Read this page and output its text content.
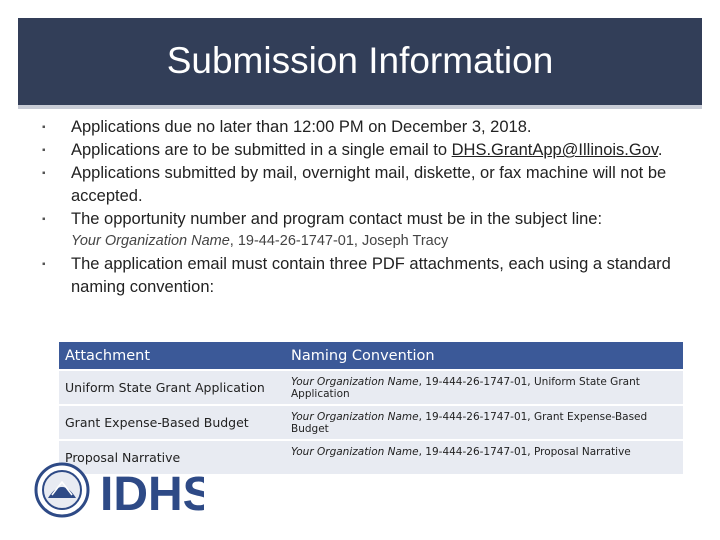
Submission Information
▪ Applications due no later than 12:00 PM on December 3, 2018.
▪ Applications are to be submitted in a single email to DHS.GrantApp@Illinois.Gov.
▪ Applications submitted by mail, overnight mail, diskette, or fax machine will not be accepted.
▪ The opportunity number and program contact must be in the subject line:
Your Organization Name, 19-44-26-1747-01, Joseph Tracy
▪ The application email must contain three PDF attachments, each using a standard naming convention:
Attachment	Naming Convention
Uniform State Grant Application	Your Organization Name, 19-444-26-1747-01, Uniform State Grant Application
Grant Expense-Based Budget	Your Organization Name, 19-444-26-1747-01, Grant Expense-Based Budget
Proposal Narrative	Your Organization Name, 19-444-26-1747-01, Proposal Narrative
IDHS
